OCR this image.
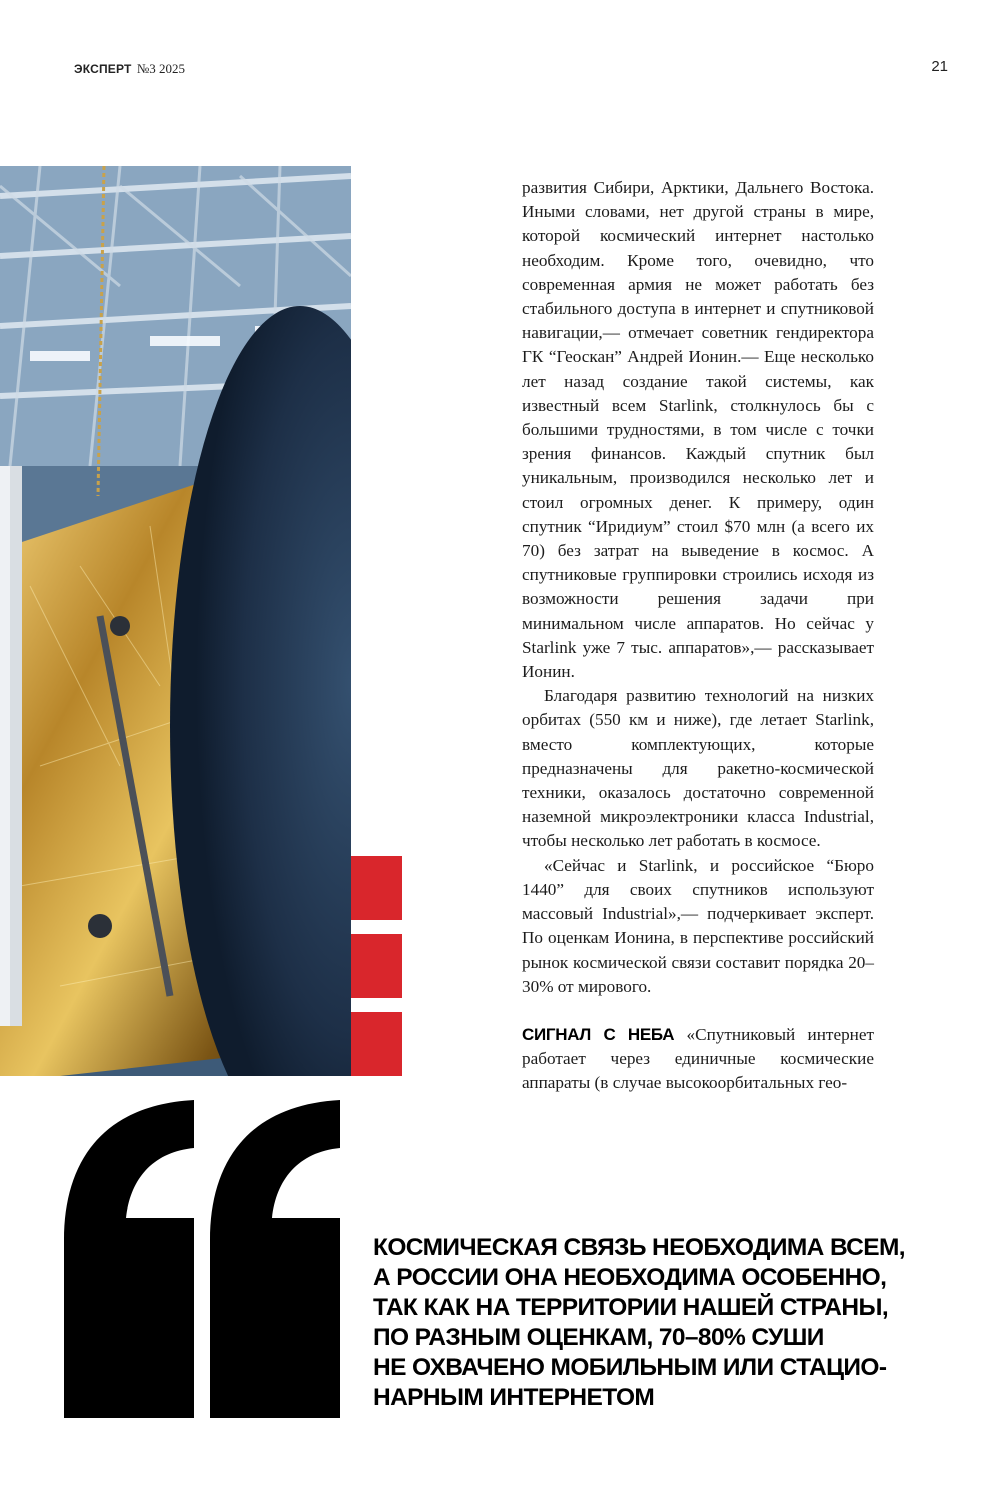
ЭКСПЕРТ №3 2025	21

развития Сибири, Арктики, Дальнего Востока. Иными словами, нет другой страны в мире, которой космический интернет настолько необходим. Кроме того, очевидно, что современная армия не может работать без стабильного доступа в интернет и спутниковой навигации,— отмечает советник гендиректора ГК “Геоскан” Андрей Ионин.— Еще несколько лет назад создание такой системы, как известный всем Starlink, столкнулось бы с большими трудностями, в том числе с точки зрения финансов. Каждый спутник был уникальным, производился несколько лет и стоил огромных денег. К примеру, один спутник “Иридиум” стоил $70 млн (а всего их 70) без затрат на выведение в космос. А спутниковые группировки строились исходя из возможности решения задачи при минимальном числе аппаратов. Но сейчас у Starlink уже 7 тыс. аппаратов»,— рассказывает Ионин.

Благодаря развитию технологий на низких орбитах (550 км и ниже), где летает Starlink, вместо комплектующих, которые предназначены для ракетно-космической техники, оказалось достаточно современной наземной микроэлектроники класса Industrial, чтобы несколько лет работать в космосе.

«Сейчас и Starlink, и российское “Бюро 1440” для своих спутников используют массовый Industrial»,— подчеркивает эксперт. По оценкам Ионина, в перспективе российский рынок космической связи составит порядка 20–30% от мирового.

СИГНАЛ С НЕБА «Спутниковый интернет работает через единичные космические аппараты (в случае высокоорбитальных гео-

КОСМИЧЕСКАЯ СВЯЗЬ НЕОБХОДИМА ВСЕМ,
А РОССИИ ОНА НЕОБХОДИМА ОСОБЕННО,
ТАК КАК НА ТЕРРИТОРИИ НАШЕЙ СТРАНЫ,
ПО РАЗНЫМ ОЦЕНКАМ, 70–80% СУШИ
НЕ ОХВАЧЕНО МОБИЛЬНЫМ ИЛИ СТАЦИО-
НАРНЫМ ИНТЕРНЕТОМ
